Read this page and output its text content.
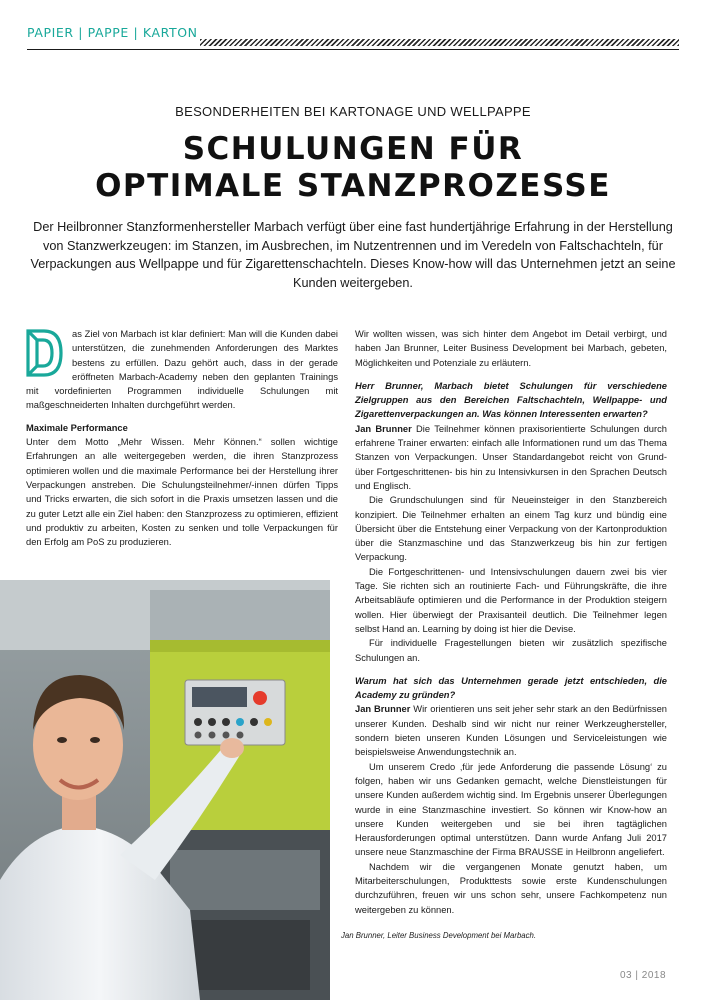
PAPIER | PAPPE | KARTON
BESONDERHEITEN BEI KARTONAGE UND WELLPAPPE
SCHULUNGEN FÜR
OPTIMALE STANZPROZESSE
Der Heilbronner Stanzformenhersteller Marbach verfügt über eine fast hundertjährige Erfahrung in der Herstellung von Stanzwerkzeugen: im Stanzen, im Ausbrechen, im Nutzentrennen und im Veredeln von Faltschachteln, für Verpackungen aus Wellpappe und für Zigarettenschachteln. Dieses Know-how will das Unternehmen jetzt an seine Kunden weitergeben.

as Ziel von Marbach ist klar definiert: Man will die Kunden dabei unterstützen, die zunehmenden Anforderungen des Marktes bestens zu erfüllen. Dazu gehört auch, dass in der gerade eröffneten Marbach-Academy neben den geplanten Trainings mit vordefinierten Programmen individuelle Schulungen mit maßgeschneiderten Inhalten durchgeführt werden.

Maximale Performance

Unter dem Motto „Mehr Wissen. Mehr Können.“ sollen wichtige Erfahrungen an alle weitergegeben werden, die ihren Stanzprozess optimieren wollen und die maximale Performance bei der Herstellung ihrer Verpackungen anstreben. Die Schulungsteilnehmer/-innen dürfen Tipps und Tricks erwarten, die sich sofort in die Praxis umsetzen lassen und die zu guter Letzt alle ein Ziel haben: den Stanzprozess zu optimieren, effizient und produktiv zu arbeiten, Kosten zu senken und tolle Verpackungen für den Erfolg am PoS zu produzieren.

Wir wollten wissen, was sich hinter dem Angebot im Detail verbirgt, und haben Jan Brunner, Leiter Business Development bei Marbach, gebeten, Möglichkeiten und Potenziale zu erläutern.

Herr Brunner, Marbach bietet Schulungen für verschiedene Zielgruppen aus den Bereichen Faltschachteln, Wellpappe- und Zigarettenverpackungen an. Was können Interessenten erwarten?

Jan Brunner Die Teilnehmer können praxisorientierte Schulungen durch erfahrene Trainer erwarten: einfach alle Informationen rund um das Thema Stanzen von Verpackungen. Unser Standardangebot reicht von Grund- über Fortgeschrittenen- bis hin zu Intensivkursen in den Sprachen Deutsch und Englisch.

Die Grundschulungen sind für Neueinsteiger in den Stanzbereich konzipiert. Die Teilnehmer erhalten an einem Tag kurz und bündig eine Übersicht über die Entstehung einer Verpackung von der Kartonproduktion über die Stanzmaschine und das Stanzwerkzeug bis hin zur fertigen Verpackung.

Die Fortgeschrittenen- und Intensivschulungen dauern zwei bis vier Tage. Sie richten sich an routinierte Fach- und Führungskräfte, die ihre Arbeitsabläufe optimieren und die Performance in der Produktion steigern wollen. Hier überwiegt der Praxisanteil deutlich. Die Teilnehmer legen selbst Hand an. Learning by doing ist hier die Devise.

Für individuelle Fragestellungen bieten wir zusätzlich spezifische Schulungen an.

Warum hat sich das Unternehmen gerade jetzt entschieden, die Academy zu gründen?

Jan Brunner Wir orientieren uns seit jeher sehr stark an den Bedürfnissen unserer Kunden. Deshalb sind wir nicht nur reiner Werkzeughersteller, sondern bieten unseren Kunden Lösungen und Serviceleistungen wie beispielsweise Anwendungstechnik an.

Um unserem Credo ‚für jede Anforderung die passende Lösung‘ zu folgen, haben wir uns Gedanken gemacht, welche Dienstleistungen für unsere Kunden außerdem wichtig sind. Im Ergebnis unserer Überlegungen wurde in eine Stanzmaschine investiert. So können wir Know-how an unsere Kunden weitergeben und sie bei ihren tagtäglichen Herausforderungen optimal unterstützen. Dann wurde Anfang Juli 2017 unsere neue Stanzmaschine der Firma BRAUSSE in Heilbronn angeliefert.

Nachdem wir die vergangenen Monate genutzt haben, um Mitarbeiterschulungen, Produkttests sowie erste Kundenschulungen durchzuführen, freuen wir uns schon sehr, unsere Fachkompetenz nun weitergeben zu können.

Jan Brunner, Leiter Business Development bei Marbach.
03 | 2018
